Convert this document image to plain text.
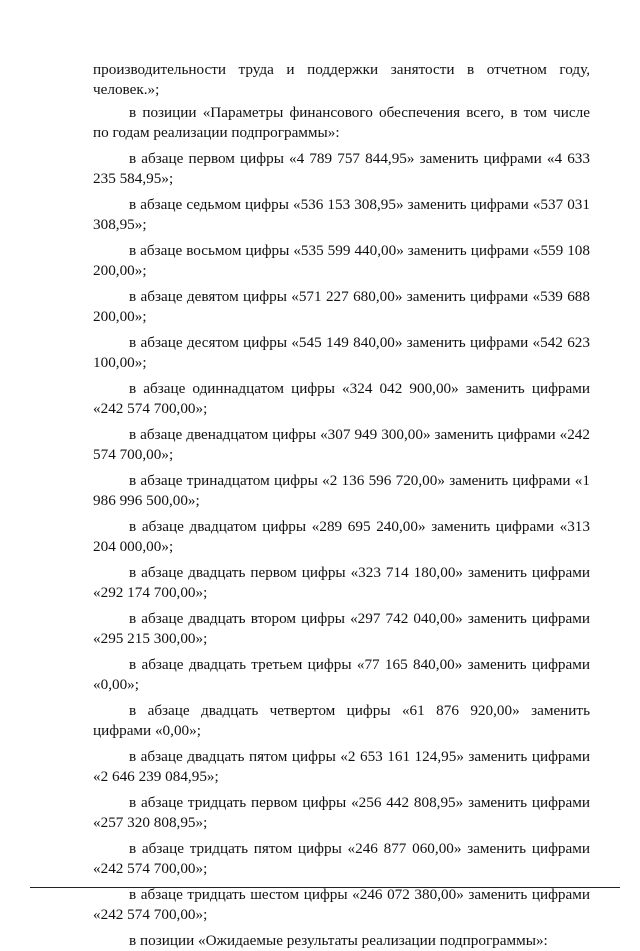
производительности труда и поддержки занятости в отчетном году, человек.»;

в позиции «Параметры финансового обеспечения всего, в том числе по годам реализации подпрограммы»:

в абзаце первом цифры «4 789 757 844,95» заменить цифрами «4 633 235 584,95»;

в абзаце седьмом цифры «536 153 308,95» заменить цифрами «537 031 308,95»;

в абзаце восьмом цифры «535 599 440,00» заменить цифрами «559 108 200,00»;

в абзаце девятом цифры «571 227 680,00» заменить цифрами «539 688 200,00»;

в абзаце десятом цифры «545 149 840,00» заменить цифрами «542 623 100,00»;

в абзаце одиннадцатом цифры «324 042 900,00» заменить цифрами «242 574 700,00»;

в абзаце двенадцатом цифры «307 949 300,00» заменить цифрами «242 574 700,00»;

в абзаце тринадцатом цифры «2 136 596 720,00» заменить цифрами «1 986 996 500,00»;

в абзаце двадцатом цифры «289 695 240,00» заменить цифрами «313 204 000,00»;

в абзаце двадцать первом цифры «323 714 180,00» заменить цифрами «292 174 700,00»;

в абзаце двадцать втором цифры «297 742 040,00» заменить цифрами «295 215 300,00»;

в абзаце двадцать третьем цифры «77 165 840,00» заменить цифрами «0,00»;

в абзаце двадцать четвертом цифры «61 876 920,00» заменить цифрами «0,00»;

в абзаце двадцать пятом цифры «2 653 161 124,95» заменить цифрами «2 646 239 084,95»;

в абзаце тридцать первом цифры «256 442 808,95» заменить цифрами «257 320 808,95»;

в абзаце тридцать пятом цифры «246 877 060,00» заменить цифрами «242 574 700,00»;

в абзаце тридцать шестом цифры «246 072 380,00» заменить цифрами «242 574 700,00»;

в позиции «Ожидаемые результаты реализации подпрограммы»:
